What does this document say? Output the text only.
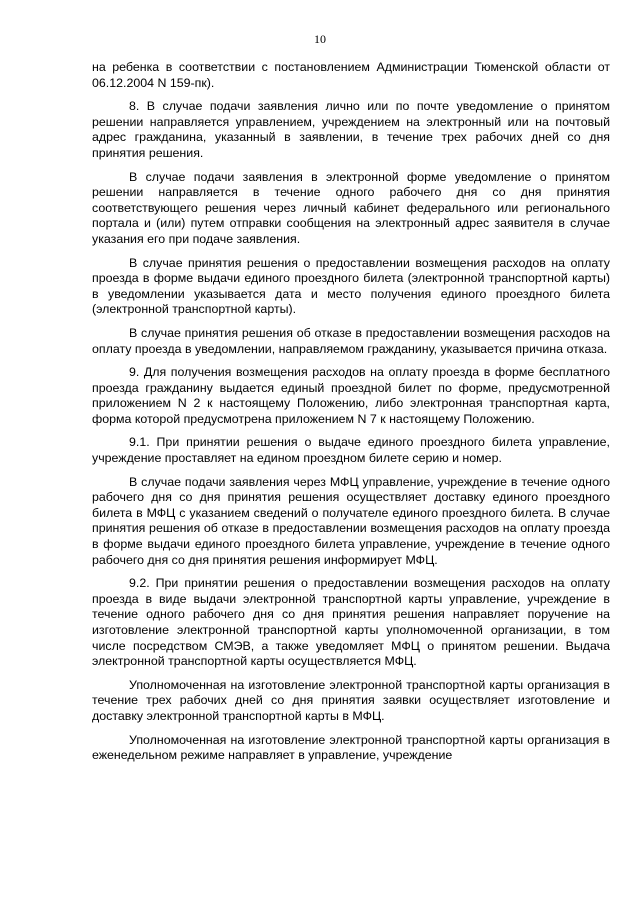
10

на ребенка в соответствии с постановлением Администрации Тюменской области от 06.12.2004 N 159-пк).

8. В случае подачи заявления лично или по почте уведомление о принятом решении направляется управлением, учреждением на электронный или на почтовый адрес гражданина, указанный в заявлении, в течение трех рабочих дней со дня принятия решения.

В случае подачи заявления в электронной форме уведомление о принятом решении направляется в течение одного рабочего дня со дня принятия соответствующего решения через личный кабинет федерального или регионального портала и (или) путем отправки сообщения на электронный адрес заявителя в случае указания его при подаче заявления.

В случае принятия решения о предоставлении возмещения расходов на оплату проезда в форме выдачи единого проездного билета (электронной транспортной карты) в уведомлении указывается дата и место получения единого проездного билета (электронной транспортной карты).

В случае принятия решения об отказе в предоставлении возмещения расходов на оплату проезда в уведомлении, направляемом гражданину, указывается причина отказа.

9. Для получения возмещения расходов на оплату проезда в форме бесплатного проезда гражданину выдается единый проездной билет по форме, предусмотренной приложением N 2 к настоящему Положению, либо электронная транспортная карта, форма которой предусмотрена приложением N 7 к настоящему Положению.

9.1. При принятии решения о выдаче единого проездного билета управление, учреждение проставляет на едином проездном билете серию и номер.

В случае подачи заявления через МФЦ управление, учреждение в течение одного рабочего дня со дня принятия решения осуществляет доставку единого проездного билета в МФЦ с указанием сведений о получателе единого проездного билета. В случае принятия решения об отказе в предоставлении возмещения расходов на оплату проезда в форме выдачи единого проездного билета управление, учреждение в течение одного рабочего дня со дня принятия решения информирует МФЦ.

9.2. При принятии решения о предоставлении возмещения расходов на оплату проезда в виде выдачи электронной транспортной карты управление, учреждение в течение одного рабочего дня со дня принятия решения направляет поручение на изготовление электронной транспортной карты уполномоченной организации, в том числе посредством СМЭВ, а также уведомляет МФЦ о принятом решении. Выдача электронной транспортной карты осуществляется МФЦ.

Уполномоченная на изготовление электронной транспортной карты организация в течение трех рабочих дней со дня принятия заявки осуществляет изготовление и доставку электронной транспортной карты в МФЦ.

Уполномоченная на изготовление электронной транспортной карты организация в еженедельном режиме направляет в управление, учреждение
